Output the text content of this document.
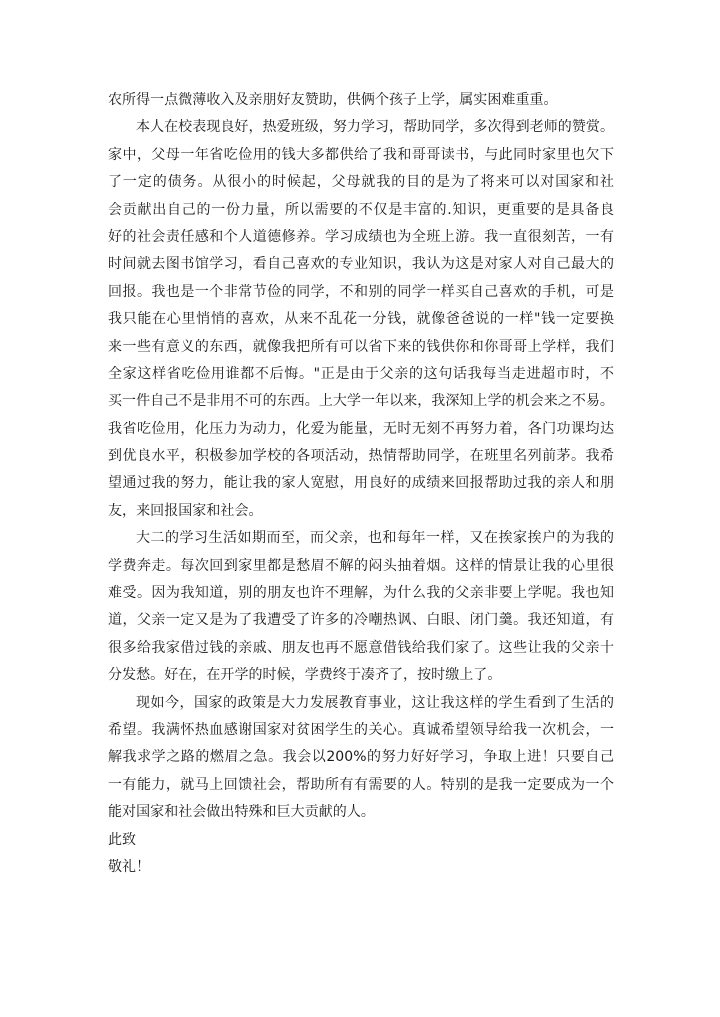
农所得一点微薄收入及亲朋好友赞助，供俩个孩子上学，属实困难重重。
本人在校表现良好，热爱班级，努力学习，帮助同学，多次得到老师的赞赏。
家中，父母一年省吃俭用的钱大多都供给了我和哥哥读书，与此同时家里也欠下
了一定的债务。从很小的时候起，父母就我的目的是为了将来可以对国家和社
会贡献出自己的一份力量，所以需要的不仅是丰富的.知识，更重要的是具备良
好的社会责任感和个人道德修养。学习成绩也为全班上游。我一直很刻苦，一有
时间就去图书馆学习，看自己喜欢的专业知识，我认为这是对家人对自己最大的
回报。我也是一个非常节俭的同学，不和别的同学一样买自己喜欢的手机，可是
我只能在心里悄悄的喜欢，从来不乱花一分钱，就像爸爸说的一样"钱一定要换
来一些有意义的东西，就像我把所有可以省下来的钱供你和你哥哥上学样，我们
全家这样省吃俭用谁都不后悔。"正是由于父亲的这句话我每当走进超市时，不
买一件自己不是非用不可的东西。上大学一年以来，我深知上学的机会来之不易。
我省吃俭用，化压力为动力，化爱为能量，无时无刻不再努力着，各门功课均达
到优良水平，积极参加学校的各项活动，热情帮助同学，在班里名列前茅。我希
望通过我的努力，能让我的家人宽慰，用良好的成绩来回报帮助过我的亲人和朋
友，来回报国家和社会。
大二的学习生活如期而至，而父亲，也和每年一样，又在挨家挨户的为我的
学费奔走。每次回到家里都是愁眉不解的闷头抽着烟。这样的情景让我的心里很
难受。因为我知道，别的朋友也许不理解，为什么我的父亲非要上学呢。我也知
道，父亲一定又是为了我遭受了许多的冷嘲热讽、白眼、闭门羹。我还知道，有
很多给我家借过钱的亲戚、朋友也再不愿意借钱给我们家了。这些让我的父亲十
分发愁。好在，在开学的时候，学费终于凑齐了，按时缴上了。
现如今，国家的政策是大力发展教育事业，这让我这样的学生看到了生活的
希望。我满怀热血感谢国家对贫困学生的关心。真诚希望领导给我一次机会，一
解我求学之路的燃眉之急。我会以200%的努力好好学习，争取上进！只要自己
一有能力，就马上回馈社会，帮助所有有需要的人。特别的是我一定要成为一个
能对国家和社会做出特殊和巨大贡献的人。
此致
敬礼！
